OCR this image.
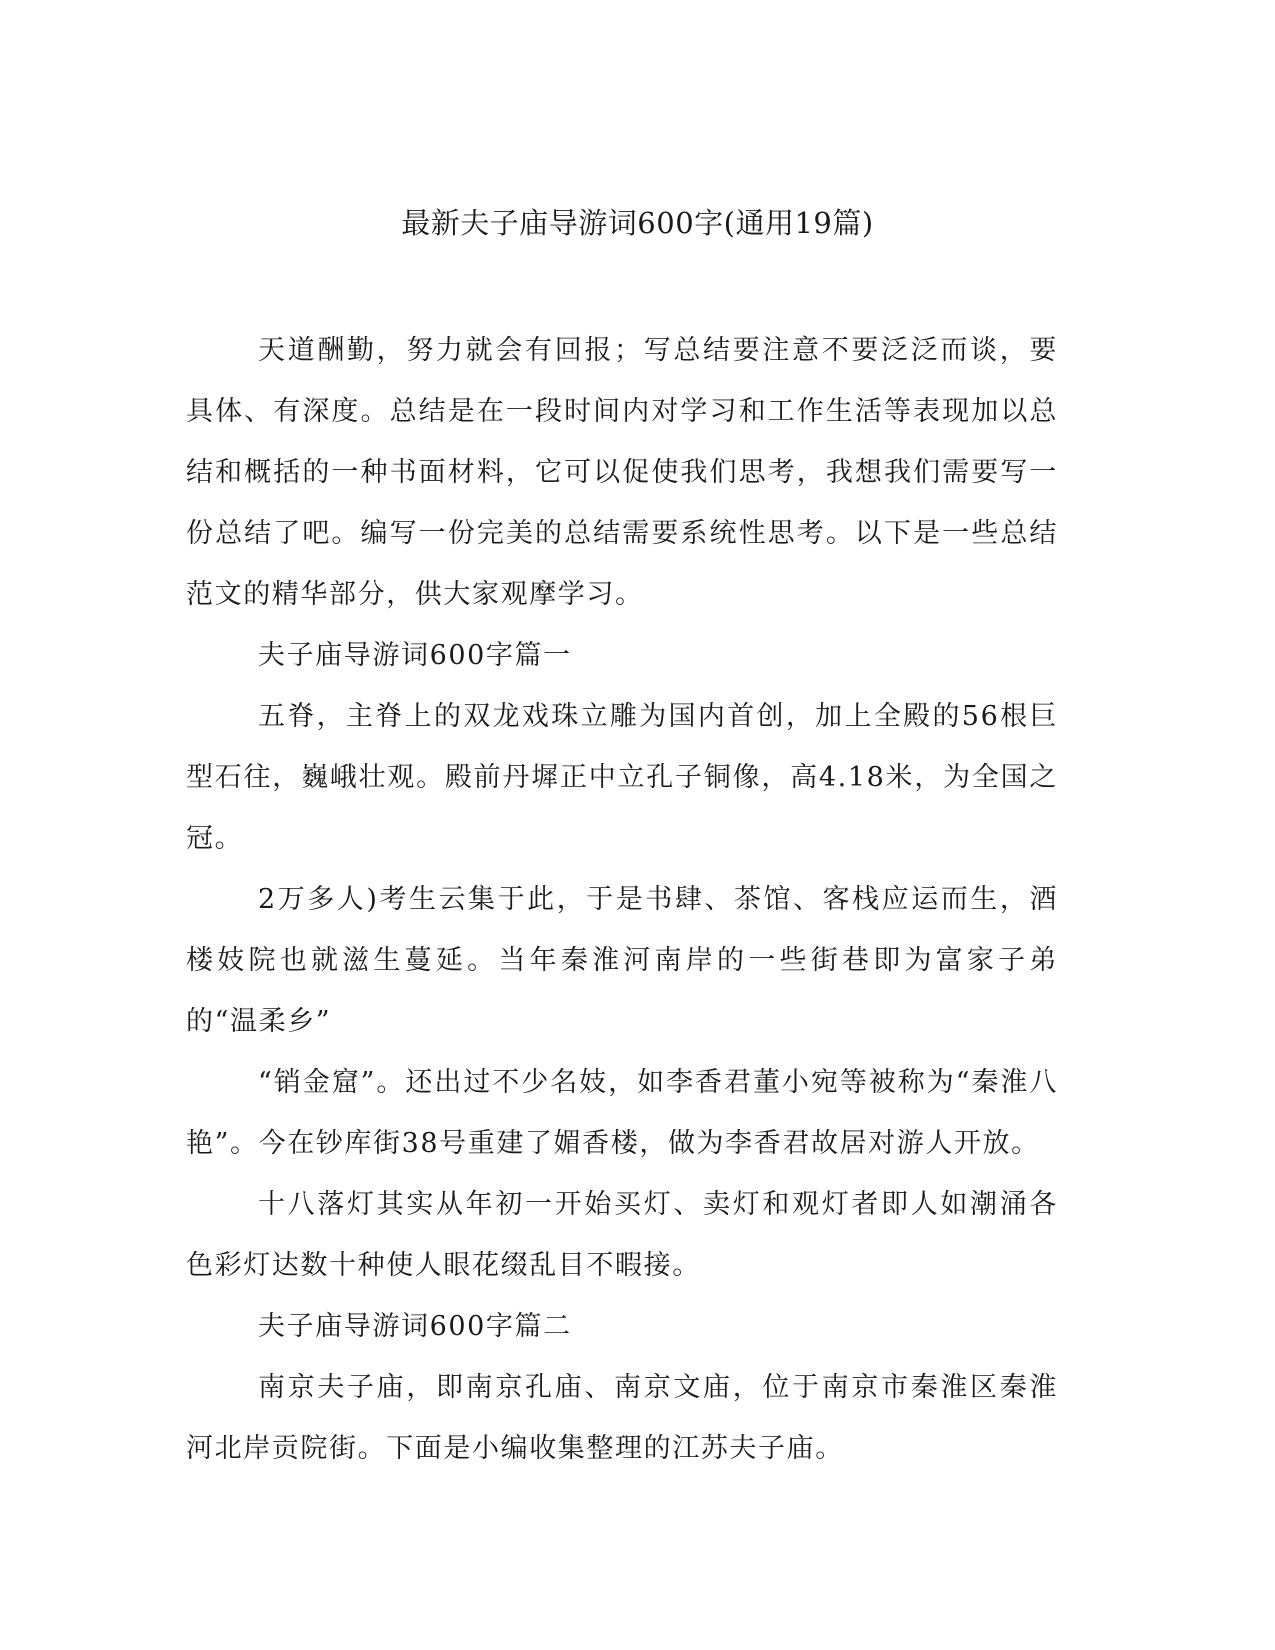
最新夫子庙导游词600字(通用19篇)

天道酬勤，努力就会有回报；写总结要注意不要泛泛而谈，要具体、有深度。总结是在一段时间内对学习和工作生活等表现加以总结和概括的一种书面材料，它可以促使我们思考，我想我们需要写一份总结了吧。编写一份完美的总结需要系统性思考。以下是一些总结范文的精华部分，供大家观摩学习。

夫子庙导游词600字篇一

五脊，主脊上的双龙戏珠立雕为国内首创，加上全殿的56根巨型石往，巍峨壮观。殿前丹墀正中立孔子铜像，高4.18米，为全国之冠。

2万多人)考生云集于此，于是书肆、茶馆、客栈应运而生，酒楼妓院也就滋生蔓延。当年秦淮河南岸的一些街巷即为富家子弟的“温柔乡”

“销金窟”。还出过不少名妓，如李香君董小宛等被称为“秦淮八艳”。今在钞库街38号重建了媚香楼，做为李香君故居对游人开放。

十八落灯其实从年初一开始买灯、卖灯和观灯者即人如潮涌各色彩灯达数十种使人眼花缀乱目不暇接。

夫子庙导游词600字篇二

南京夫子庙，即南京孔庙、南京文庙，位于南京市秦淮区秦淮河北岸贡院街。下面是小编收集整理的江苏夫子庙。
